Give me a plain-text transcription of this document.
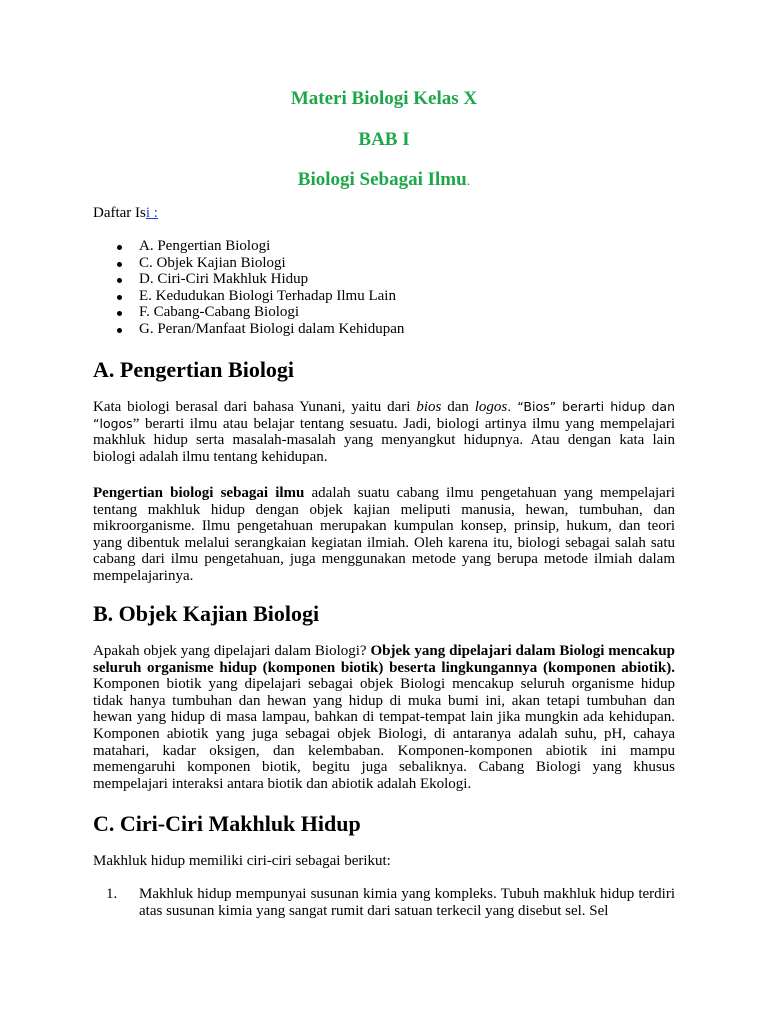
Materi Biologi Kelas X
BAB I
Biologi Sebagai Ilmu.
Daftar Isi :
A. Pengertian Biologi
C. Objek Kajian Biologi
D. Ciri-Ciri Makhluk Hidup
E. Kedudukan Biologi Terhadap Ilmu Lain
F. Cabang-Cabang Biologi
G. Peran/Manfaat Biologi dalam Kehidupan
A. Pengertian Biologi

Kata biologi berasal dari bahasa Yunani, yaitu dari bios dan logos. “Bios” berarti hidup dan “logos” berarti ilmu atau belajar tentang sesuatu. Jadi, biologi artinya ilmu yang mempelajari makhluk hidup serta masalah-masalah yang menyangkut hidupnya. Atau dengan kata lain biologi adalah ilmu tentang kehidupan.

Pengertian biologi sebagai ilmu adalah suatu cabang ilmu pengetahuan yang mempelajari tentang makhluk hidup dengan objek kajian meliputi manusia, hewan, tumbuhan, dan mikroorganisme. Ilmu pengetahuan merupakan kumpulan konsep, prinsip, hukum, dan teori yang dibentuk melalui serangkaian kegiatan ilmiah. Oleh karena itu, biologi sebagai salah satu cabang dari ilmu pengetahuan, juga menggunakan metode yang berupa metode ilmiah dalam mempelajarinya.

B. Objek Kajian Biologi

Apakah objek yang dipelajari dalam Biologi? Objek yang dipelajari dalam Biologi mencakup seluruh organisme hidup (komponen biotik) beserta lingkungannya (komponen abiotik). Komponen biotik yang dipelajari sebagai objek Biologi mencakup seluruh organisme hidup tidak hanya tumbuhan dan hewan yang hidup di muka bumi ini, akan tetapi tumbuhan dan hewan yang hidup di masa lampau, bahkan di tempat-tempat lain jika mungkin ada kehidupan. Komponen abiotik yang juga sebagai objek Biologi, di antaranya adalah suhu, pH, cahaya matahari, kadar oksigen, dan kelembaban. Komponen-komponen abiotik ini mampu memengaruhi komponen biotik, begitu juga sebaliknya. Cabang Biologi yang khusus mempelajari interaksi antara biotik dan abiotik adalah Ekologi.

C. Ciri-Ciri Makhluk Hidup

Makhluk hidup memiliki ciri-ciri sebagai berikut:

1. Makhluk hidup mempunyai susunan kimia yang kompleks. Tubuh makhluk hidup terdiri atas susunan kimia yang sangat rumit dari satuan terkecil yang disebut sel. Sel
